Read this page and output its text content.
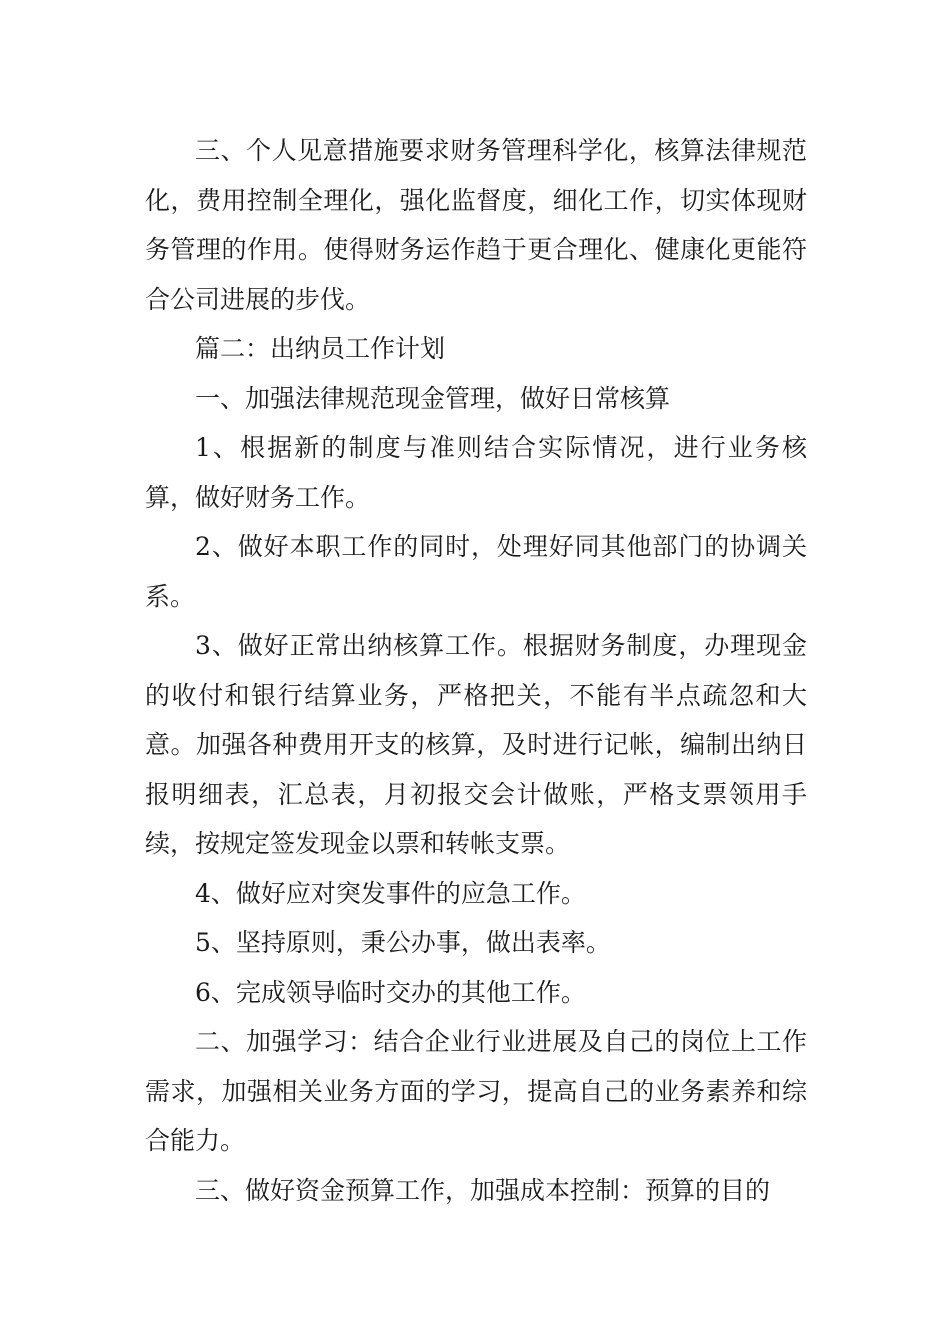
三、个人见意措施要求财务管理科学化，核算法律规范化，费用控制全理化，强化监督度，细化工作，切实体现财务管理的作用。使得财务运作趋于更合理化、健康化更能符合公司进展的步伐。

篇二：出纳员工作计划

一、加强法律规范现金管理，做好日常核算

1、根据新的制度与准则结合实际情况，进行业务核算，做好财务工作。

2、做好本职工作的同时，处理好同其他部门的协调关系。

3、做好正常出纳核算工作。根据财务制度，办理现金的收付和银行结算业务，严格把关，不能有半点疏忽和大意。加强各种费用开支的核算，及时进行记帐，编制出纳日报明细表，汇总表，月初报交会计做账，严格支票领用手续，按规定签发现金以票和转帐支票。

4、做好应对突发事件的应急工作。

5、坚持原则，秉公办事，做出表率。

6、完成领导临时交办的其他工作。

二、加强学习：结合企业行业进展及自己的岗位上工作需求，加强相关业务方面的学习，提高自己的业务素养和综合能力。

三、做好资金预算工作，加强成本控制：预算的目的
